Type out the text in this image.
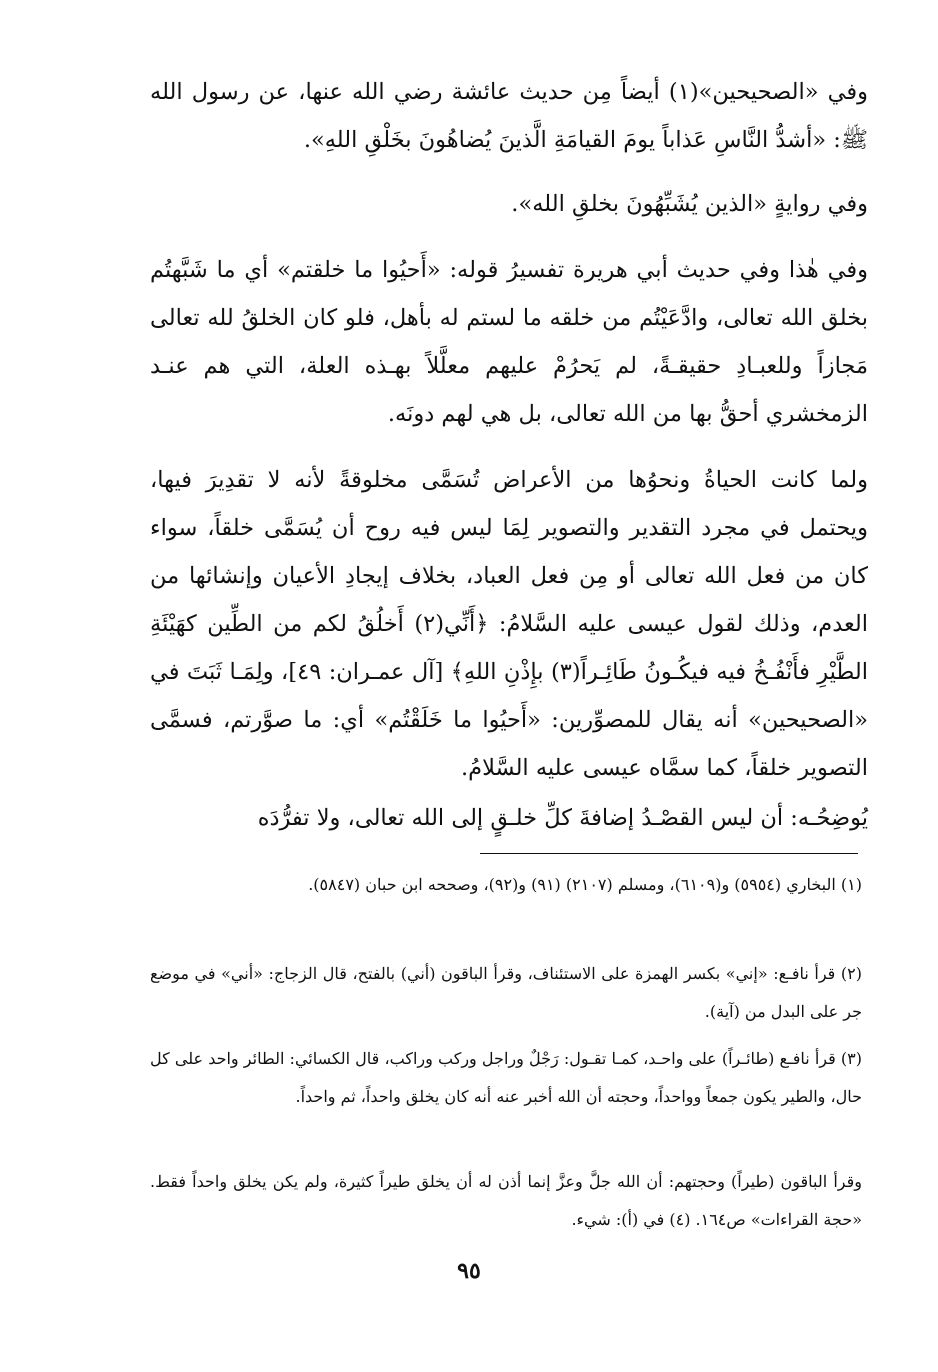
وفي «الصحيحين»(١) أيضاً مِن حديث عائشة رضي الله عنها، عن رسول الله ﷺ: «أشدُّ النَّاسِ عَذاباً يومَ القيامَةِ الَّذينَ يُضاهُونَ بخَلْقِ اللهِ».

وفي روايةٍ «الذين يُشَبِّهُونَ بخلقِ الله».

وفي هٰذا وفي حديث أبي هريرة تفسيرُ قوله: «أَحيُوا ما خلقتم» أي ما شَبَّهتُم بخلق الله تعالى، وادَّعَيْتُم من خلقه ما لستم له بأهل، فلو كان الخلقُ لله تعالى مَجازاً وللعبـادِ حقيقـةً، لم يَحرُمْ عليهم معلَّلاً بهـذه العلة، التي هم عنـد الزمخشري أحقُّ بها من الله تعالى، بل هي لهم دونَه.

ولما كانت الحياةُ ونحوُها من الأعراض تُسَمَّى مخلوقةً لأنه لا تقدِيرَ فيها، ويحتمل في مجرد التقدير والتصوير لِمَا ليس فيه روح أن يُسَمَّى خلقاً، سواء كان من فعل الله تعالى أو مِن فعل العباد، بخلاف إيجادِ الأعيان وإنشائها من العدم، وذلك لقول عيسى عليه السَّلامُ: ﴿أَنِّي(٢) أَخلُقُ لكم من الطِّين كهَيْئَةِ الطَّيْرِ فأَنْفُـخُ فيه فيكُـونُ طَائِـراً(٣) بإِذْنِ اللهِ﴾ [آل عمـران: ٤٩]، ولِمَـا ثَبَتَ في «الصحيحين» أنه يقال للمصوِّرين: «أَحيُوا ما خَلَقْتُم» أي: ما صوَّرتم، فسمَّى التصوير خلقاً، كما سمَّاه عيسى عليه السَّلامُ.

يُوضِحُـه: أن ليس القصْـدُ إضافةَ كلِّ خلـقٍ إلى الله تعالى، ولا تفرُّدَه

(١) البخاري (٥٩٥٤) و(٦١٠٩)، ومسلم (٢١٠٧) (٩١) و(٩٢)، وصححه ابن حبان (٥٨٤٧).

(٢) قرأ نافـع: «إني» بكسر الهمزة على الاستئناف، وقرأ الباقون (أني) بالفتح، قال الزجاج: «أني» في موضع جر على البدل من (آية).

(٣) قرأ نافـع (طائـراً) على واحـد، كمـا تقـول: رَجْلٌ وراجل وركب وراكب، قال الكسائي: الطائر واحد على كل حال، والطير يكون جمعاً وواحداً، وحجته أن الله أخبر عنه أنه كان يخلق واحداً، ثم واحداً.

وقرأ الباقون (طيراً) وحجتهم: أن الله جلَّ وعزَّ إنما أذن له أن يخلق طيراً كثيرة، ولم يكن يخلق واحداً فقط. «حجة القراءات» ص١٦٤. (٤) في (أ): شيء.

٩٥
